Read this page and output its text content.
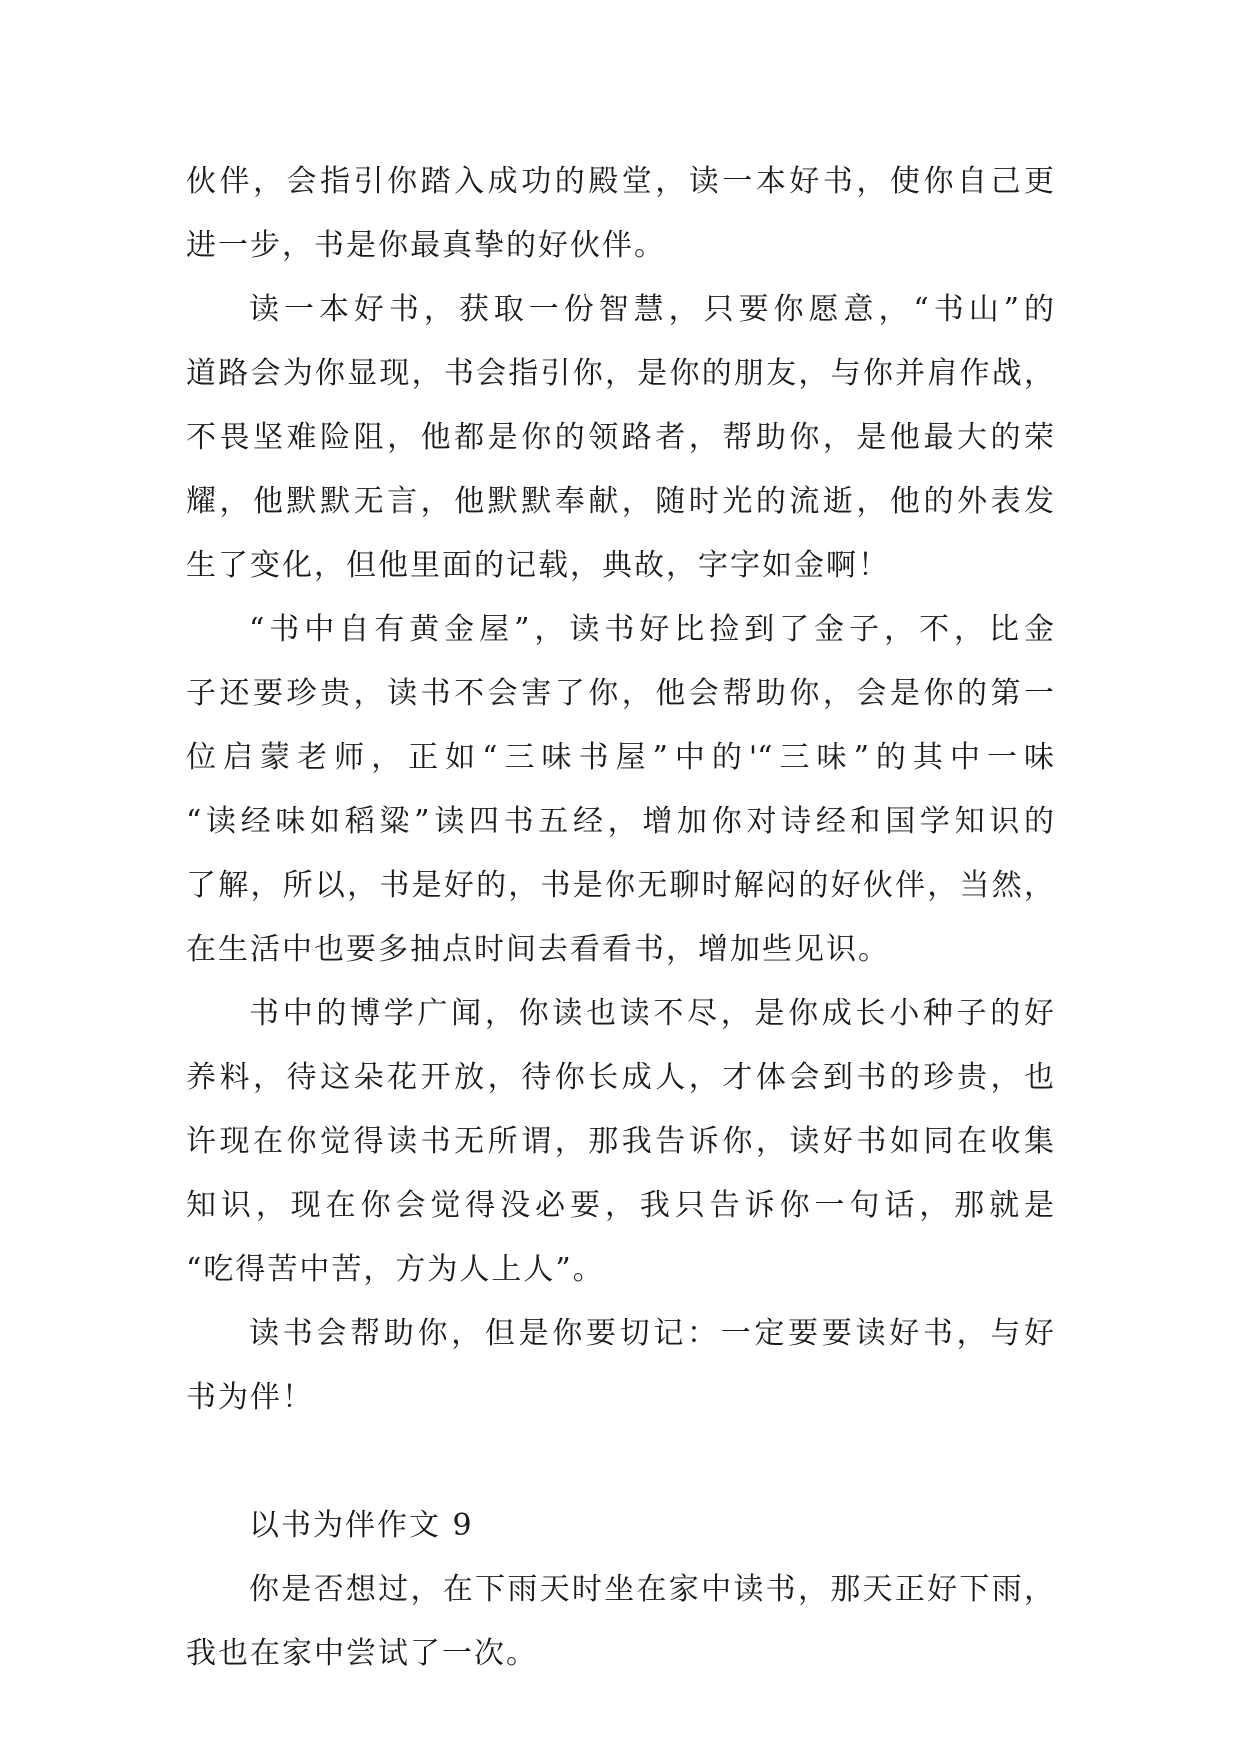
伙伴，会指引你踏入成功的殿堂，读一本好书，使你自己更
进一步，书是你最真挚的好伙伴。
读一本好书，获取一份智慧，只要你愿意，“书山”的
道路会为你显现，书会指引你，是你的朋友，与你并肩作战，
不畏坚难险阻，他都是你的领路者，帮助你，是他最大的荣
耀，他默默无言，他默默奉献，随时光的流逝，他的外表发
生了变化，但他里面的记载，典故，字字如金啊！
“书中自有黄金屋”，读书好比捡到了金子，不，比金
子还要珍贵，读书不会害了你，他会帮助你，会是你的第一
位启蒙老师，正如“三味书屋”中的'“三味”的其中一味
“读经味如稻粱”读四书五经，增加你对诗经和国学知识的
了解，所以，书是好的，书是你无聊时解闷的好伙伴，当然，
在生活中也要多抽点时间去看看书，增加些见识。
书中的博学广闻，你读也读不尽，是你成长小种子的好
养料，待这朵花开放，待你长成人，才体会到书的珍贵，也
许现在你觉得读书无所谓，那我告诉你，读好书如同在收集
知识，现在你会觉得没必要，我只告诉你一句话，那就是
“吃得苦中苦，方为人上人”。
读书会帮助你，但是你要切记：一定要要读好书，与好
书为伴！
以书为伴作文 9
你是否想过，在下雨天时坐在家中读书，那天正好下雨，
我也在家中尝试了一次。
